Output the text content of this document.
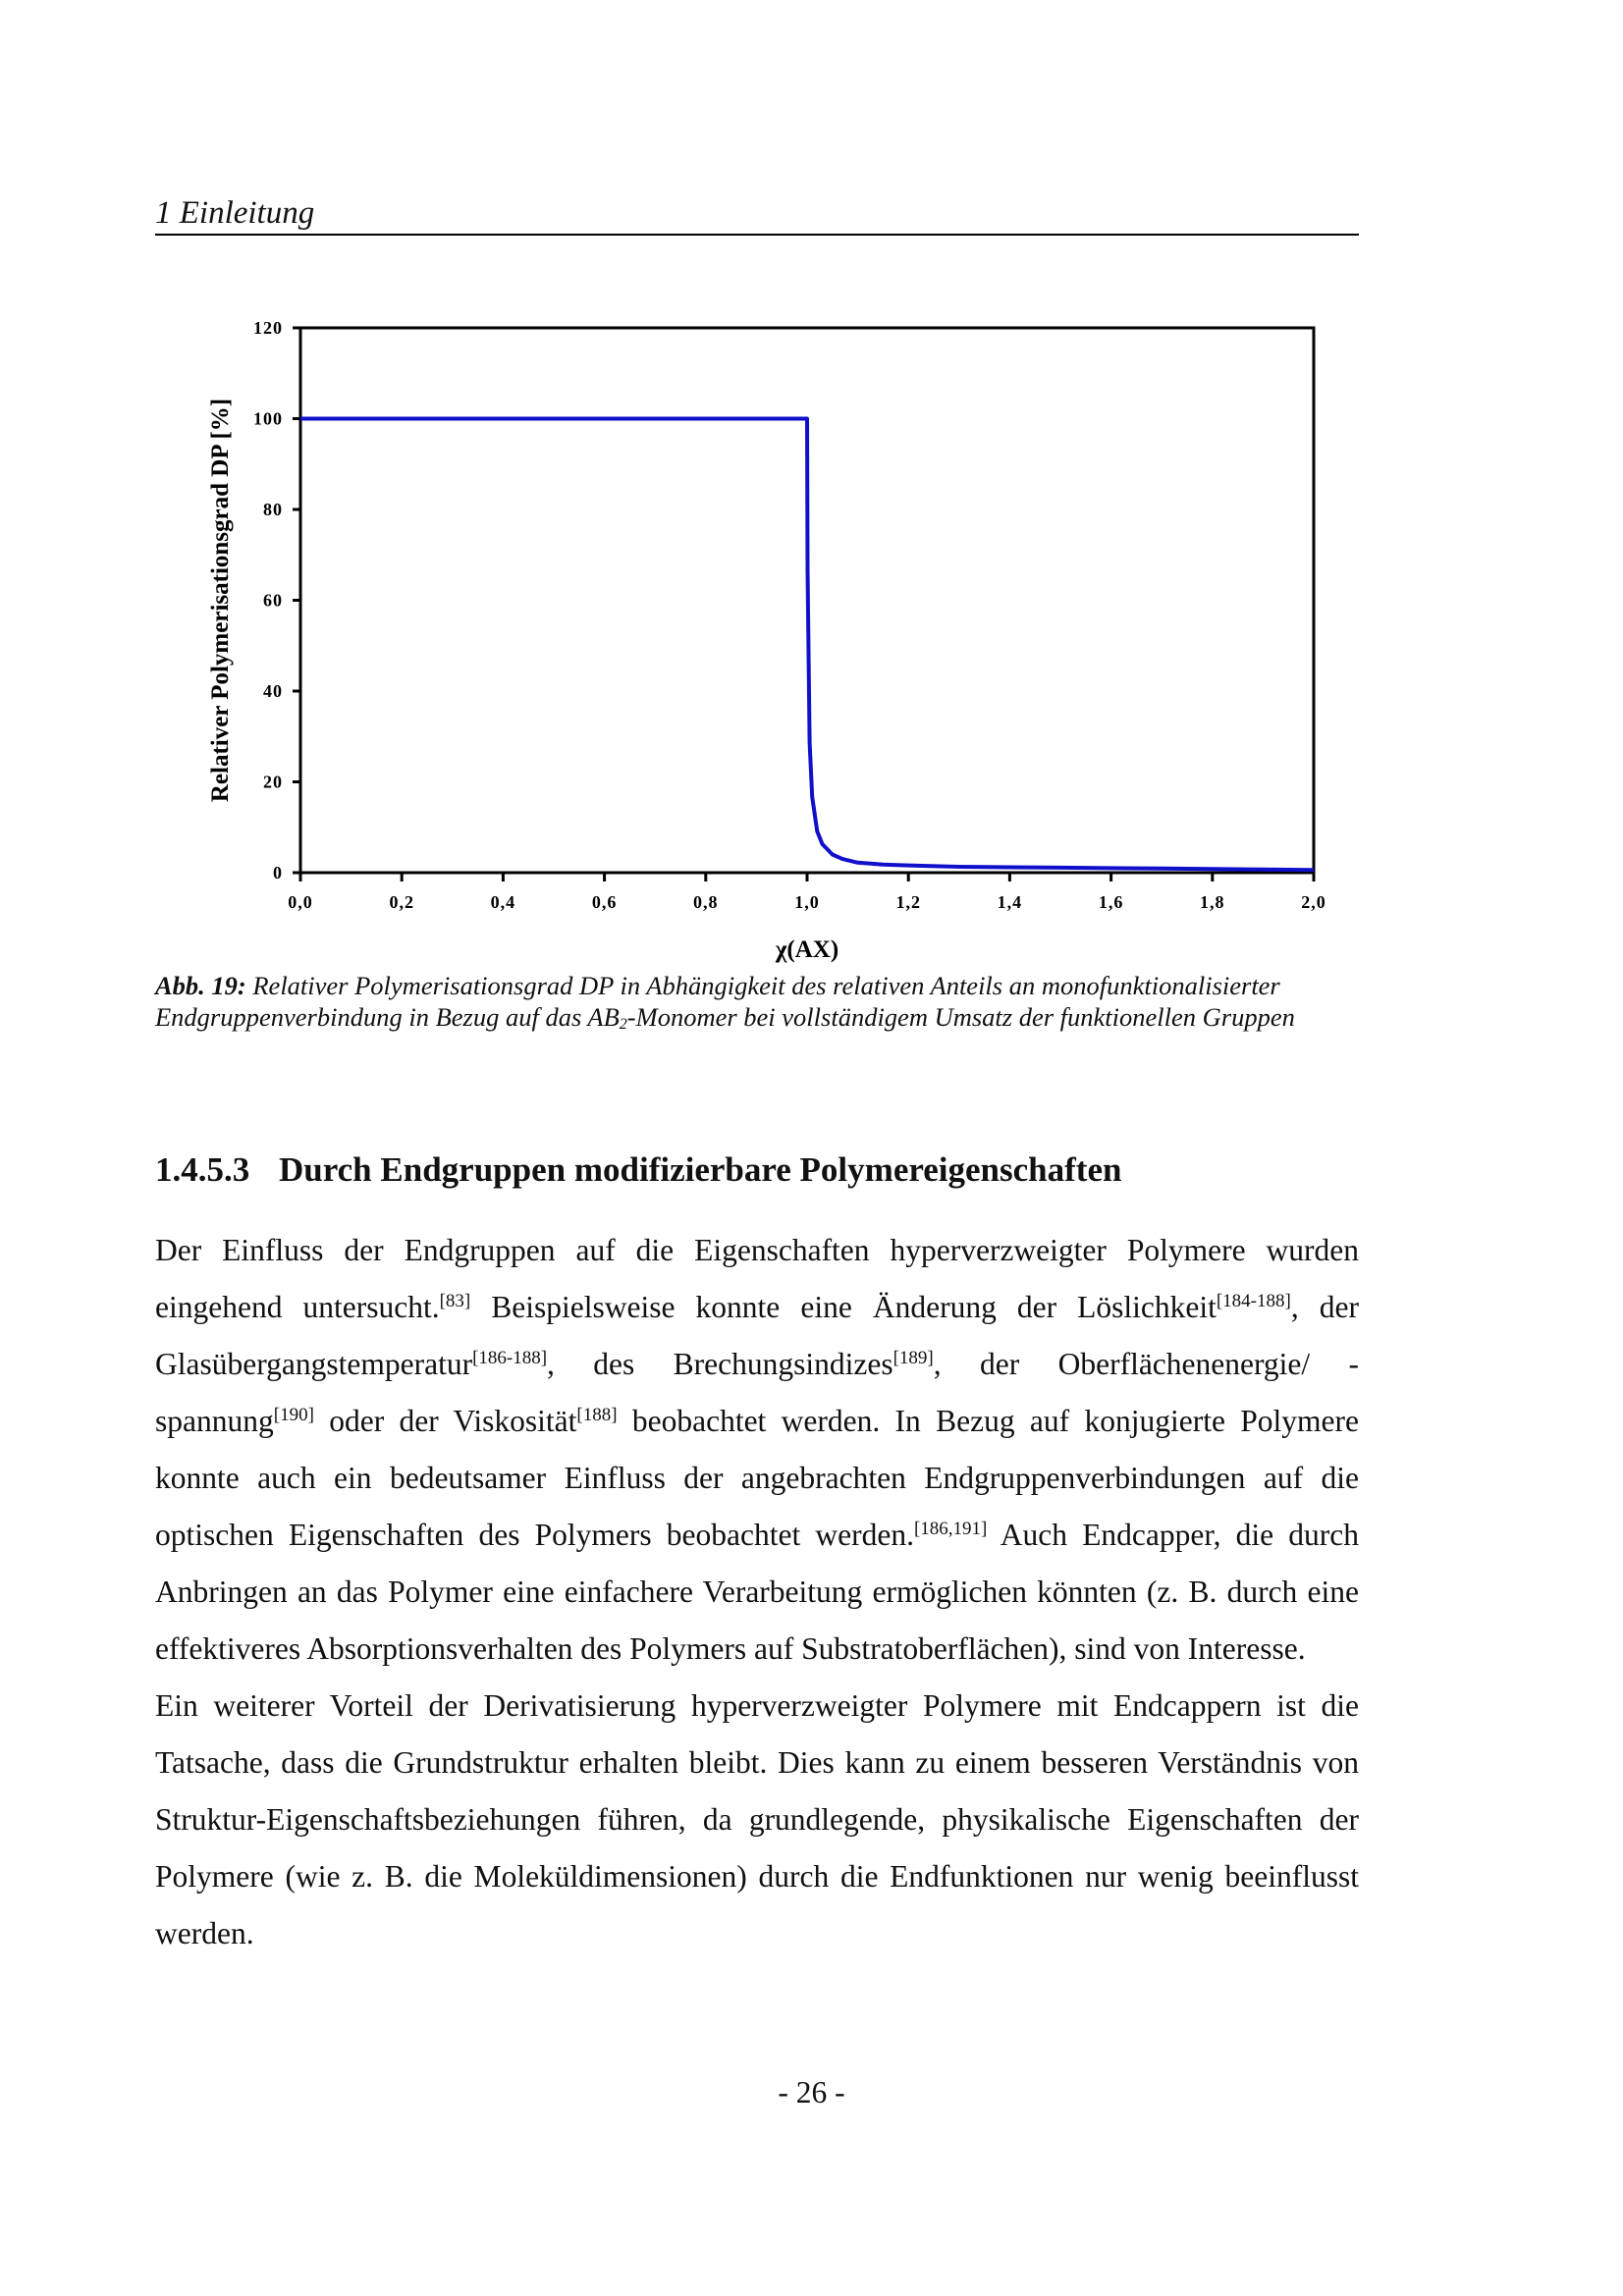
1 Einleitung
0
20
40
60
80
100
120
0,0	0,2	0,4	0,6	0,8	1,0	1,2	1,4	1,6	1,8	2,0
Relativer Polymerisationsgrad DP [%]
χ(AX)
Abb. 19: Relativer Polymerisationsgrad DP in Abhängigkeit des relativen Anteils an monofunktionalisierter Endgruppenverbindung in Bezug auf das $AB_2$-Monomer bei vollständigem Umsatz der funktionellen Gruppen
1.4.5.3 Durch Endgruppen modifizierbare Polymereigenschaften

Der Einfluss der Endgruppen auf die Eigenschaften hyperverzweigter Polymere wurden eingehend untersucht.[83] Beispielsweise konnte eine Änderung der Löslichkeit[184-188], der Glasübergangstemperatur[186-188], des Brechungsindizes[189], der Oberflächenenergie/ -spannung[190] oder der Viskosität[188] beobachtet werden. In Bezug auf konjugierte Polymere konnte auch ein bedeutsamer Einfluss der angebrachten Endgruppenverbindungen auf die optischen Eigenschaften des Polymers beobachtet werden.[186,191] Auch Endcapper, die durch Anbringen an das Polymer eine einfachere Verarbeitung ermöglichen könnten (z. B. durch eine effektiveres Absorptionsverhalten des Polymers auf Substratoberflächen), sind von Interesse.

Ein weiterer Vorteil der Derivatisierung hyperverzweigter Polymere mit Endcappern ist die Tatsache, dass die Grundstruktur erhalten bleibt. Dies kann zu einem besseren Verständnis von Struktur-Eigenschaftsbeziehungen führen, da grundlegende, physikalische Eigenschaften der Polymere (wie z. B. die Moleküldimensionen) durch die Endfunktionen nur wenig beeinflusst werden.

- 26 -
